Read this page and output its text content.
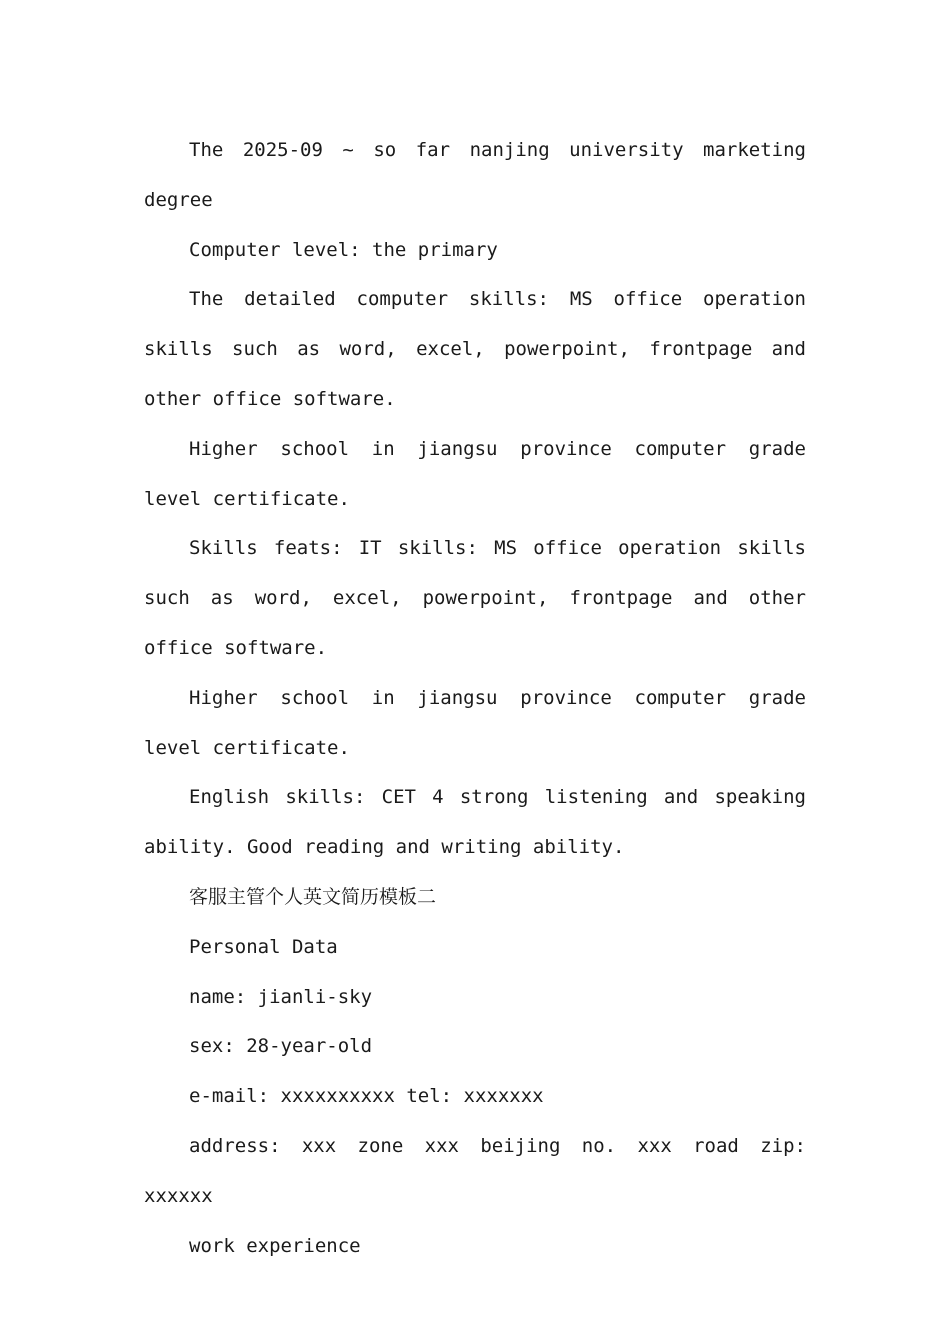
The 2025-09 ~ so far nanjing university marketing degree

Computer level: the primary

The detailed computer skills: MS office operation skills such as word, excel, powerpoint, frontpage and other office software.

Higher school in jiangsu province computer grade level certificate.

Skills feats: IT skills: MS office operation skills such as word, excel, powerpoint, frontpage and other office software.

Higher school in jiangsu province computer grade level certificate.

English skills: CET 4 strong listening and speaking ability. Good reading and writing ability.

客服主管个人英文简历模板二

Personal Data

name: jianli-sky

sex: 28-year-old

e-mail: xxxxxxxxxx tel: xxxxxxx

address: xxx zone xxx beijing no. xxx road zip: xxxxxx

work experience
